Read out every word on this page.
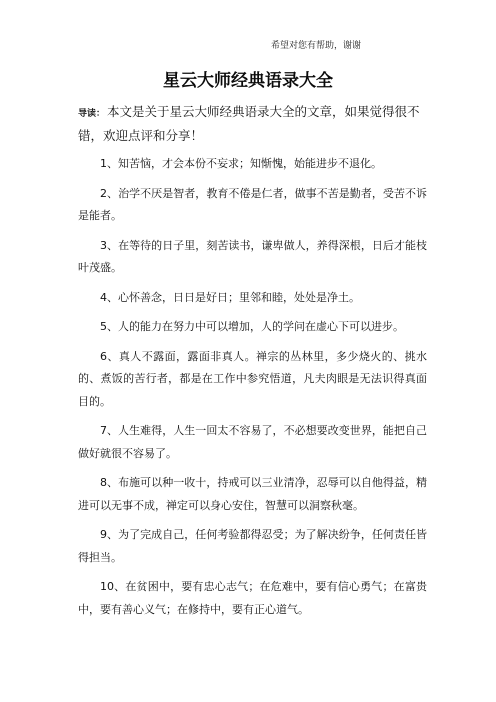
希望对您有帮助，谢谢
星云大师经典语录大全

导读： 本文是关于星云大师经典语录大全的文章，如果觉得很不错，欢迎点评和分享！

1、知苦恼，才会本份不妄求；知惭愧，始能进步不退化。

2、治学不厌是智者，教育不倦是仁者，做事不苦是勤者，受苦不诉是能者。

3、在等待的日子里，刻苦读书，谦卑做人，养得深根，日后才能枝叶茂盛。

4、心怀善念，日日是好日；里邻和睦，处处是净土。

5、人的能力在努力中可以增加，人的学问在虚心下可以进步。

6、真人不露面，露面非真人。禅宗的丛林里，多少烧火的、挑水的、煮饭的苦行者，都是在工作中参究悟道，凡夫肉眼是无法识得真面目的。

7、人生难得，人生一回太不容易了，不必想要改变世界，能把自己做好就很不容易了。

8、布施可以种一收十，持戒可以三业清净，忍辱可以自他得益，精进可以无事不成，禅定可以身心安住，智慧可以洞察秋毫。

9、为了完成自己，任何考验都得忍受；为了解决纷争，任何责任皆得担当。

10、在贫困中，要有忠心志气；在危难中，要有信心勇气；在富贵中，要有善心义气；在修持中，要有正心道气。
